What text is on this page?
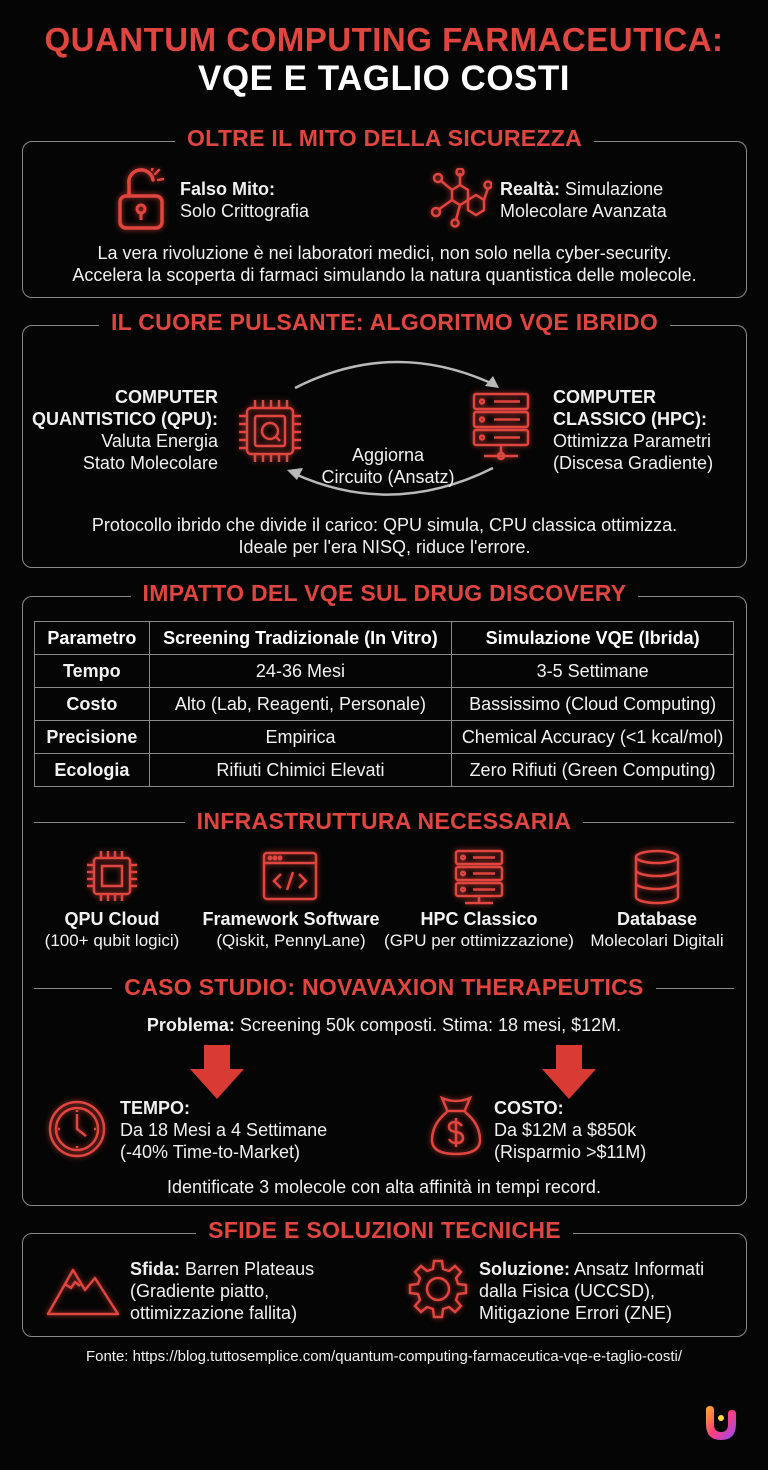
QUANTUM COMPUTING FARMACEUTICA:
VQE E TAGLIO COSTI
OLTRE IL MITO DELLA SICUREZZA
Falso Mito:
Solo Crittografia
Realtà: Simulazione
Molecolare Avanzata
La vera rivoluzione è nei laboratori medici, non solo nella cyber-security.
Accelera la scoperta di farmaci simulando la natura quantistica delle molecole.
IL CUORE PULSANTE: ALGORITMO VQE IBRIDO
COMPUTER
QUANTISTICO (QPU):
Valuta Energia
Stato Molecolare	Aggiorna
Circuito (Ansatz)
COMPUTER
CLASSICO (HPC):
Ottimizza Parametri
(Discesa Gradiente)
Protocollo ibrido che divide il carico: QPU simula, CPU classica ottimizza.
Ideale per l'era NISQ, riduce l'errore.
IMPATTO DEL VQE SUL DRUG DISCOVERY
Parametro	Screening Tradizionale (In Vitro)	Simulazione VQE (Ibrida)
Tempo	24-36 Mesi	3-5 Settimane
Costo	Alto (Lab, Reagenti, Personale)	Bassissimo (Cloud Computing)
Precisione	Empirica	Chemical Accuracy (<1 kcal/mol)
Ecologia	Rifiuti Chimici Elevati	Zero Rifiuti (Green Computing)
INFRASTRUTTURA NECESSARIA
QPU Cloud
(100+ qubit logici)
Framework Software
(Qiskit, PennyLane)
HPC Classico
(GPU per ottimizzazione)
Database
Molecolari Digitali
CASO STUDIO: NOVAVAXION THERAPEUTICS
Problema: Screening 50k composti. Stima: 18 mesi, $12M.
TEMPO:
Da 18 Mesi a 4 Settimane
(-40% Time-to-Market)
COSTO:
Da $12M a $850k
(Risparmio >$11M)
Identificate 3 molecole con alta affinità in tempi record.
SFIDE E SOLUZIONI TECNICHE
Sfida: Barren Plateaus
(Gradiente piatto,
ottimizzazione fallita)
Soluzione: Ansatz Informati
dalla Fisica (UCCSD),
Mitigazione Errori (ZNE)
Fonte: https://blog.tuttosemplice.com/quantum-computing-farmaceutica-vqe-e-taglio-costi/
